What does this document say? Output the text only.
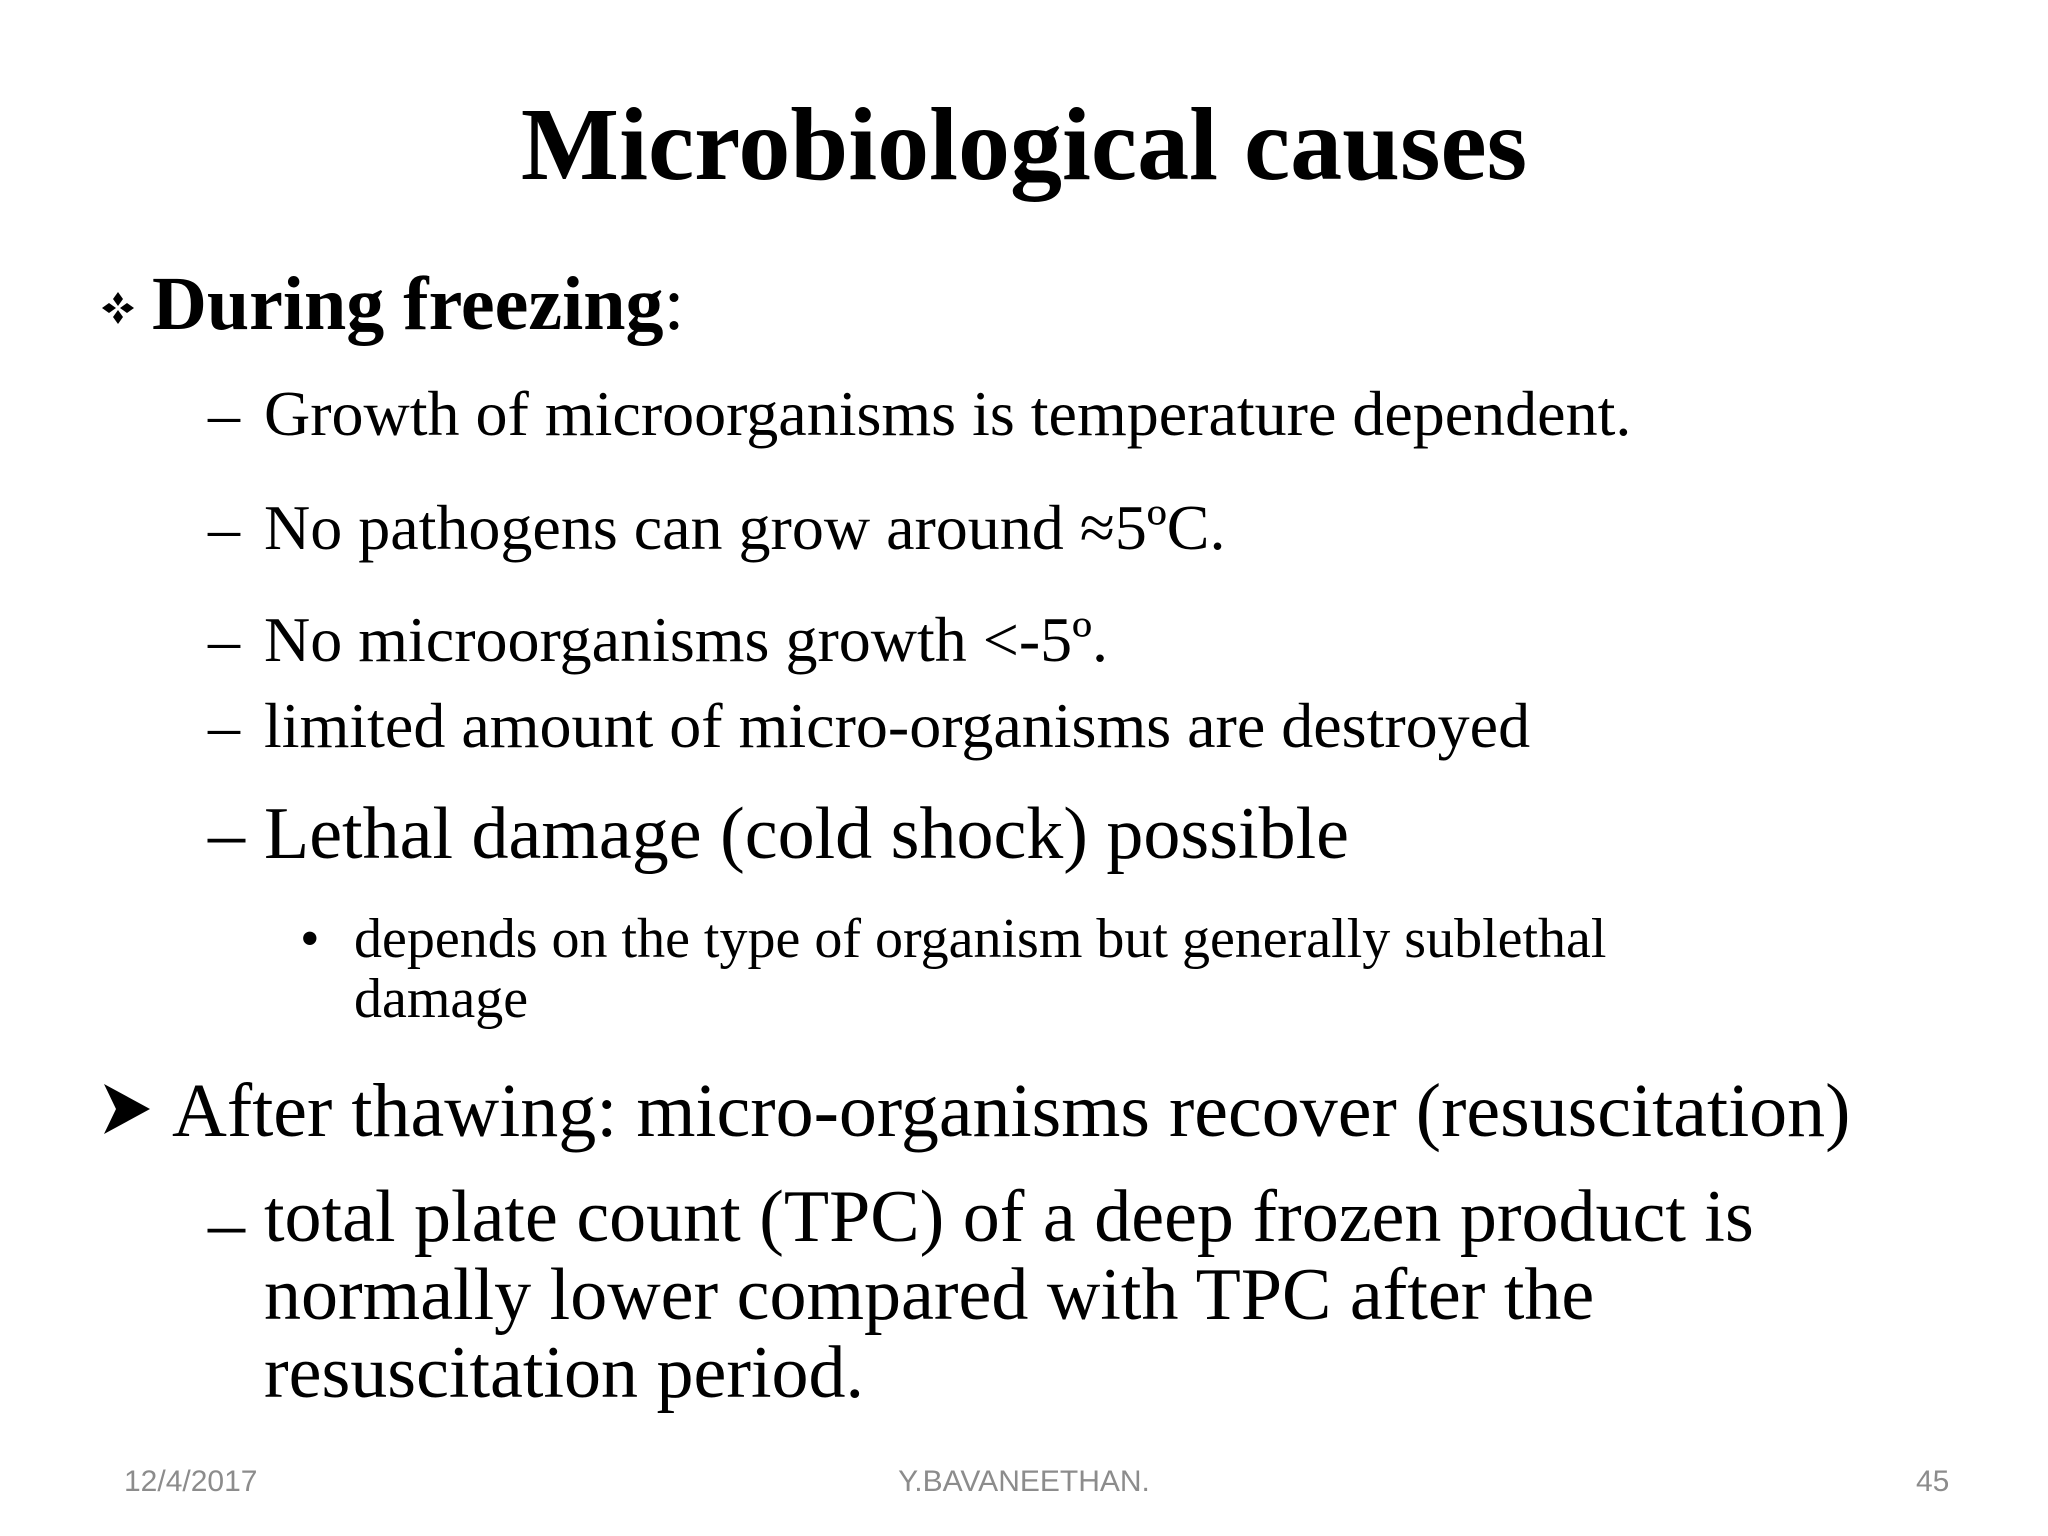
Microbiological causes
During freezing:
– Growth of microorganisms is temperature dependent.
– No pathogens can grow around ≈5ºC.
– No microorganisms growth <-5º.
– limited amount of micro-organisms are destroyed
– Lethal damage (cold shock) possible
• depends on the type of organism but generally sublethal
damage
After thawing: micro-organisms recover (resuscitation)
– total plate count (TPC) of a deep frozen product is normally lower compared with TPC after the resuscitation period.
12/4/2017	Y.BAVANEETHAN.	45
